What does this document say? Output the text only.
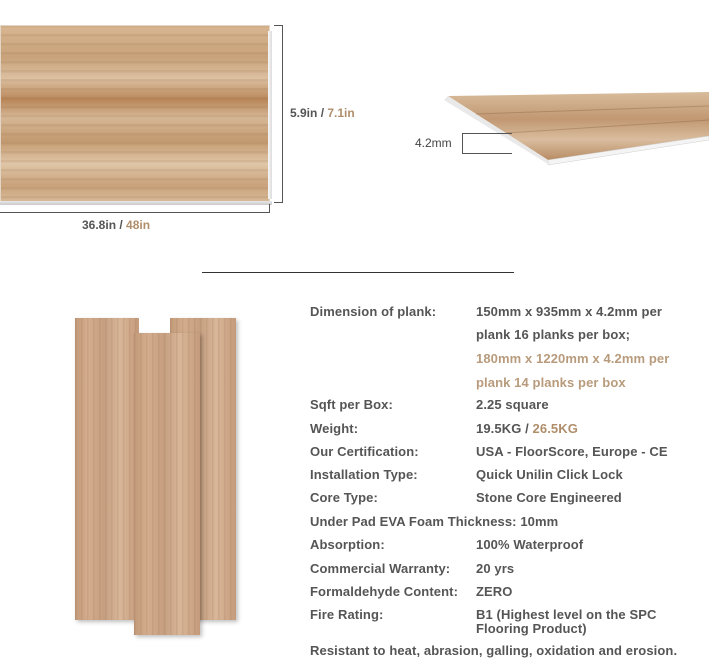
5.9in / 7.1in
36.8in / 48in
4.2mm
Dimension of plank:	150mm x 935mm x 4.2mm per
plank 16 planks per box;
180mm x 1220mm x 4.2mm per
plank 14 planks per box
Sqft per Box:	2.25 square
Weight:	19.5KG / 26.5KG
Our Certification:	USA - FloorScore, Europe - CE
Installation Type:	Quick Unilin Click Lock
Core Type:	Stone Core Engineered
Under Pad EVA Foam Thickness: 10mm
Absorption:	100% Waterproof
Commercial Warranty: 20 yrs
Formaldehyde Content: ZERO
Fire Rating:	B1 (Highest level on the SPC
Flooring Product)
Resistant to heat, abrasion, galling, oxidation and erosion.
